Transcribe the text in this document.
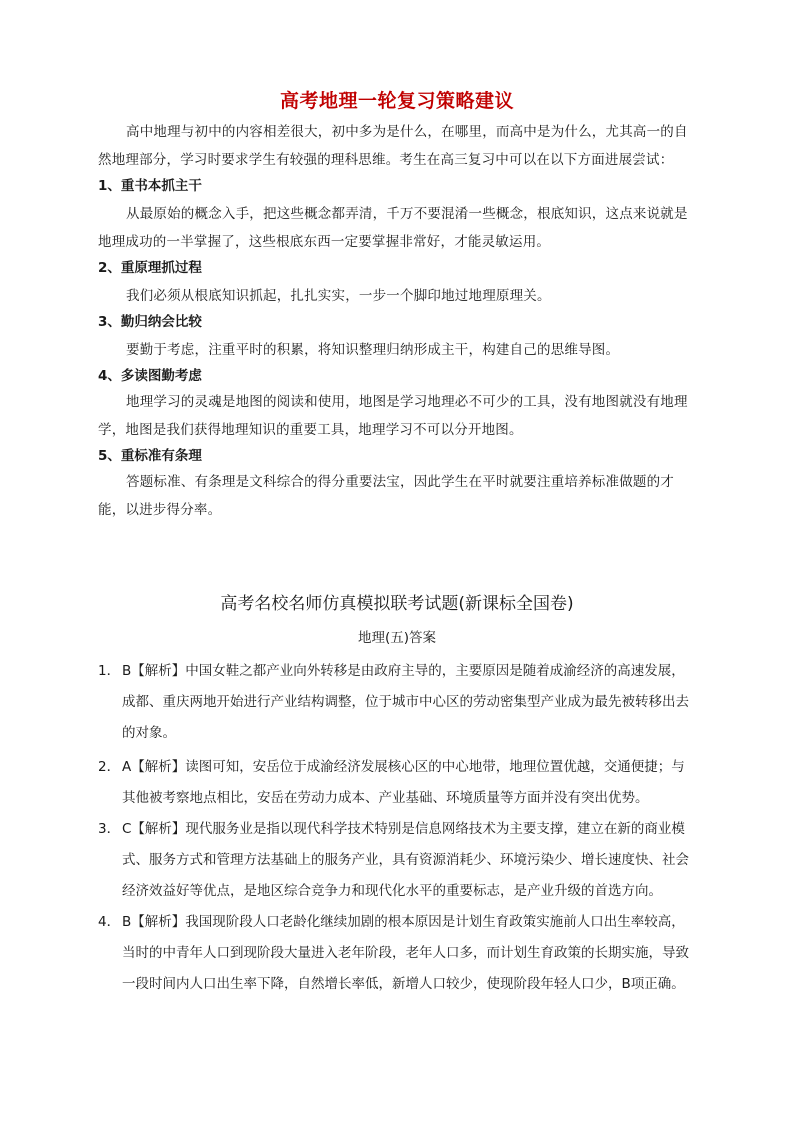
高考地理一轮复习策略建议
高中地理与初中的内容相差很大，初中多为是什么，在哪里，而高中是为什么，尤其高一的自然地理部分，学习时要求学生有较强的理科思维。考生在高三复习中可以在以下方面进展尝试：
1、重书本抓主干
从最原始的概念入手，把这些概念都弄清，千万不要混淆一些概念，根底知识，这点来说就是地理成功的一半掌握了，这些根底东西一定要掌握非常好，才能灵敏运用。
2、重原理抓过程
我们必须从根底知识抓起，扎扎实实，一步一个脚印地过地理原理关。
3、勤归纳会比较
要勤于考虑，注重平时的积累，将知识整理归纳形成主干，构建自己的思维导图。
4、多读图勤考虑
地理学习的灵魂是地图的阅读和使用，地图是学习地理必不可少的工具，没有地图就没有地理学，地图是我们获得地理知识的重要工具，地理学习不可以分开地图。
5、重标准有条理
答题标准、有条理是文科综合的得分重要法宝，因此学生在平时就要注重培养标准做题的才能，以进步得分率。
高考名校名师仿真模拟联考试题(新课标全国卷)
地理(五)答案
1． B【解析】中国女鞋之都产业向外转移是由政府主导的，主要原因是随着成渝经济的高速发展，成都、重庆两地开始进行产业结构调整，位于城市中心区的劳动密集型产业成为最先被转移出去的对象。
2． A【解析】读图可知，安岳位于成渝经济发展核心区的中心地带，地理位置优越，交通便捷；与其他被考察地点相比，安岳在劳动力成本、产业基础、环境质量等方面并没有突出优势。
3． C【解析】现代服务业是指以现代科学技术特别是信息网络技术为主要支撑，建立在新的商业模式、服务方式和管理方法基础上的服务产业，具有资源消耗少、环境污染少、增长速度快、社会经济效益好等优点，是地区综合竞争力和现代化水平的重要标志，是产业升级的首选方向。
4． B【解析】我国现阶段人口老龄化继续加剧的根本原因是计划生育政策实施前人口出生率较高，当时的中青年人口到现阶段大量进入老年阶段，老年人口多，而计划生育政策的长期实施，导致一段时间内人口出生率下降，自然增长率低，新增人口较少，使现阶段年轻人口少，B项正确。
